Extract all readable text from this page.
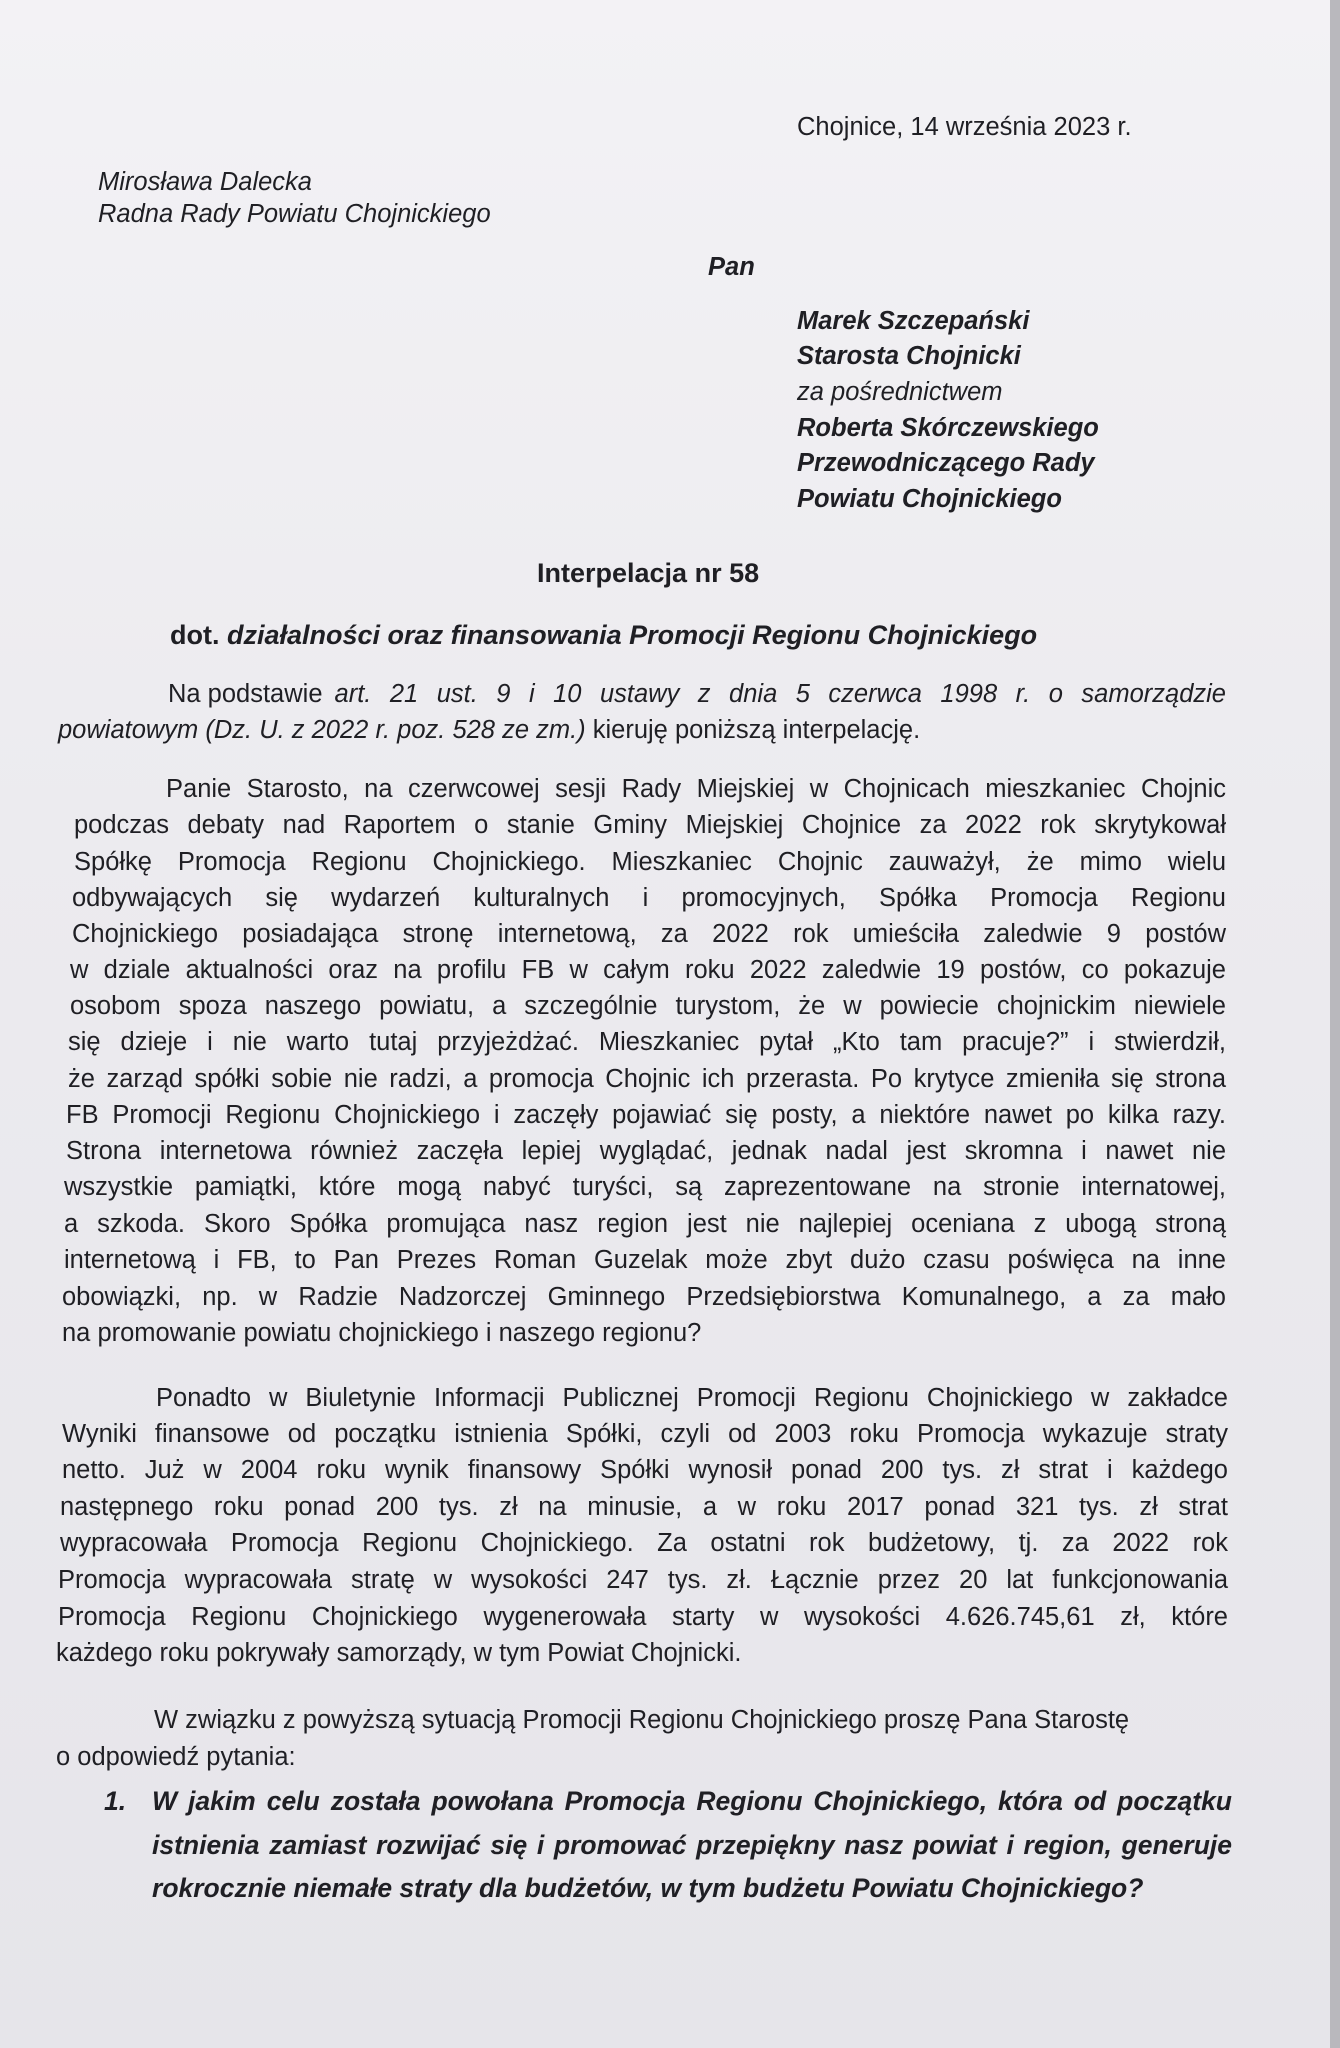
Chojnice, 14 września 2023 r.
Mirosława Dalecka
Radna Rady Powiatu Chojnickiego
Pan
Marek Szczepański
Starosta Chojnicki
za pośrednictwem
Roberta Skórczewskiego
Przewodniczącego Rady
Powiatu Chojnickiego
Interpelacja nr 58
dot. działalności oraz finansowania Promocji Regionu Chojnickiego
Na podstawie art. 21 ust. 9 i 10 ustawy z dnia 5 czerwca 1998 r. o samorządzie
powiatowym (Dz. U. z 2022 r. poz. 528 ze zm.) kieruję poniższą interpelację.
Panie Starosto, na czerwcowej sesji Rady Miejskiej w Chojnicach mieszkaniec Chojnic
podczas debaty nad Raportem o stanie Gminy Miejskiej Chojnice za 2022 rok skrytykował
Spółkę Promocja Regionu Chojnickiego. Mieszkaniec Chojnic zauważył, że mimo wielu
odbywających się wydarzeń kulturalnych i promocyjnych, Spółka Promocja Regionu
Chojnickiego posiadająca stronę internetową, za 2022 rok umieściła zaledwie 9 postów
w dziale aktualności oraz na profilu FB w całym roku 2022 zaledwie 19 postów, co pokazuje
osobom spoza naszego powiatu, a szczególnie turystom, że w powiecie chojnickim niewiele
się dzieje i nie warto tutaj przyjeżdżać. Mieszkaniec pytał „Kto tam pracuje?” i stwierdził,
że zarząd spółki sobie nie radzi, a promocja Chojnic ich przerasta. Po krytyce zmieniła się strona
FB Promocji Regionu Chojnickiego i zaczęły pojawiać się posty, a niektóre nawet po kilka razy.
Strona internetowa również zaczęła lepiej wyglądać, jednak nadal jest skromna i nawet nie
wszystkie pamiątki, które mogą nabyć turyści, są zaprezentowane na stronie internatowej,
a szkoda. Skoro Spółka promująca nasz region jest nie najlepiej oceniana z ubogą stroną
internetową i FB, to Pan Prezes Roman Guzelak może zbyt dużo czasu poświęca na inne
obowiązki, np. w Radzie Nadzorczej Gminnego Przedsiębiorstwa Komunalnego, a za mało
na promowanie powiatu chojnickiego i naszego regionu?
Ponadto w Biuletynie Informacji Publicznej Promocji Regionu Chojnickiego w zakładce
Wyniki finansowe od początku istnienia Spółki, czyli od 2003 roku Promocja wykazuje straty
netto. Już w 2004 roku wynik finansowy Spółki wynosił ponad 200 tys. zł strat i każdego
następnego roku ponad 200 tys. zł na minusie, a w roku 2017 ponad 321 tys. zł strat
wypracowała Promocja Regionu Chojnickiego. Za ostatni rok budżetowy, tj. za 2022 rok
Promocja wypracowała stratę w wysokości 247 tys. zł. Łącznie przez 20 lat funkcjonowania
Promocja Regionu Chojnickiego wygenerowała starty w wysokości 4.626.745,61 zł, które
każdego roku pokrywały samorządy, w tym Powiat Chojnicki.
W związku z powyższą sytuacją Promocji Regionu Chojnickiego proszę Pana Starostę
o odpowiedź pytania:
1. W jakim celu została powołana Promocja Regionu Chojnickiego, która od początku
istnienia zamiast rozwijać się i promować przepiękny nasz powiat i region, generuje
rokrocznie niemałe straty dla budżetów, w tym budżetu Powiatu Chojnickiego?
